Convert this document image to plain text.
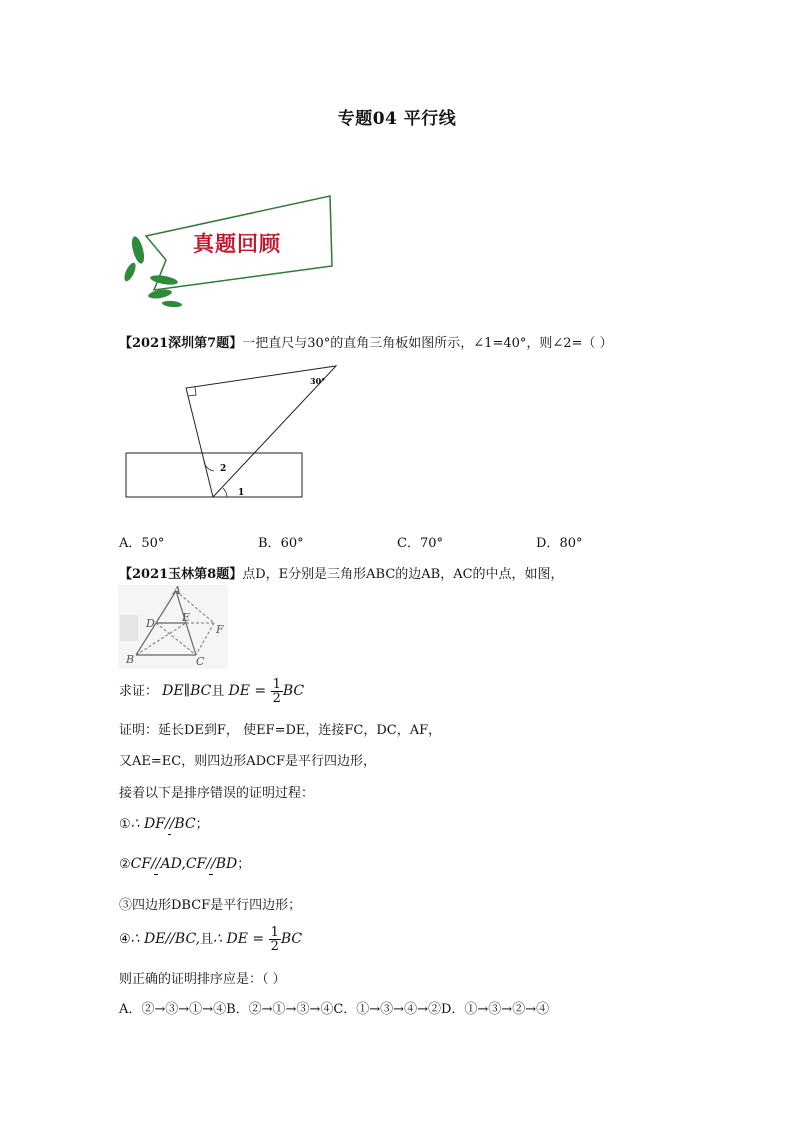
专题04 平行线
真题回顾
【2021深圳第7题】一把直尺与30°的直角三角板如图所示，∠1=40°，则∠2=（ ）
30°
2
1
A．50°	B．60°	C．70°	D．80°
【2021玉林第8题】点D，E分别是三角形ABC的边AB，AC的中点，如图，
A
D E
F
B	C
求证： DE∥BC且 DE = $\frac{1}{2}$ BC
证明：延长DE到F， 使EF=DE，连接FC，DC，AF，
又AE=EC，则四边形ADCF是平行四边形，
接着以下是排序错误的证明过程：
①∴ DF//
BC；
②CF//
AD,CF//
BD；
③四边形DBCF是平行四边形；
④∴ DE//BC,且∴ DE = $\frac{1}{2}$ BC
则正确的证明排序应是：（ ）
A．②→③→①→④B．②→①→③→④C．①→③→④→②D．①→③→②→④
